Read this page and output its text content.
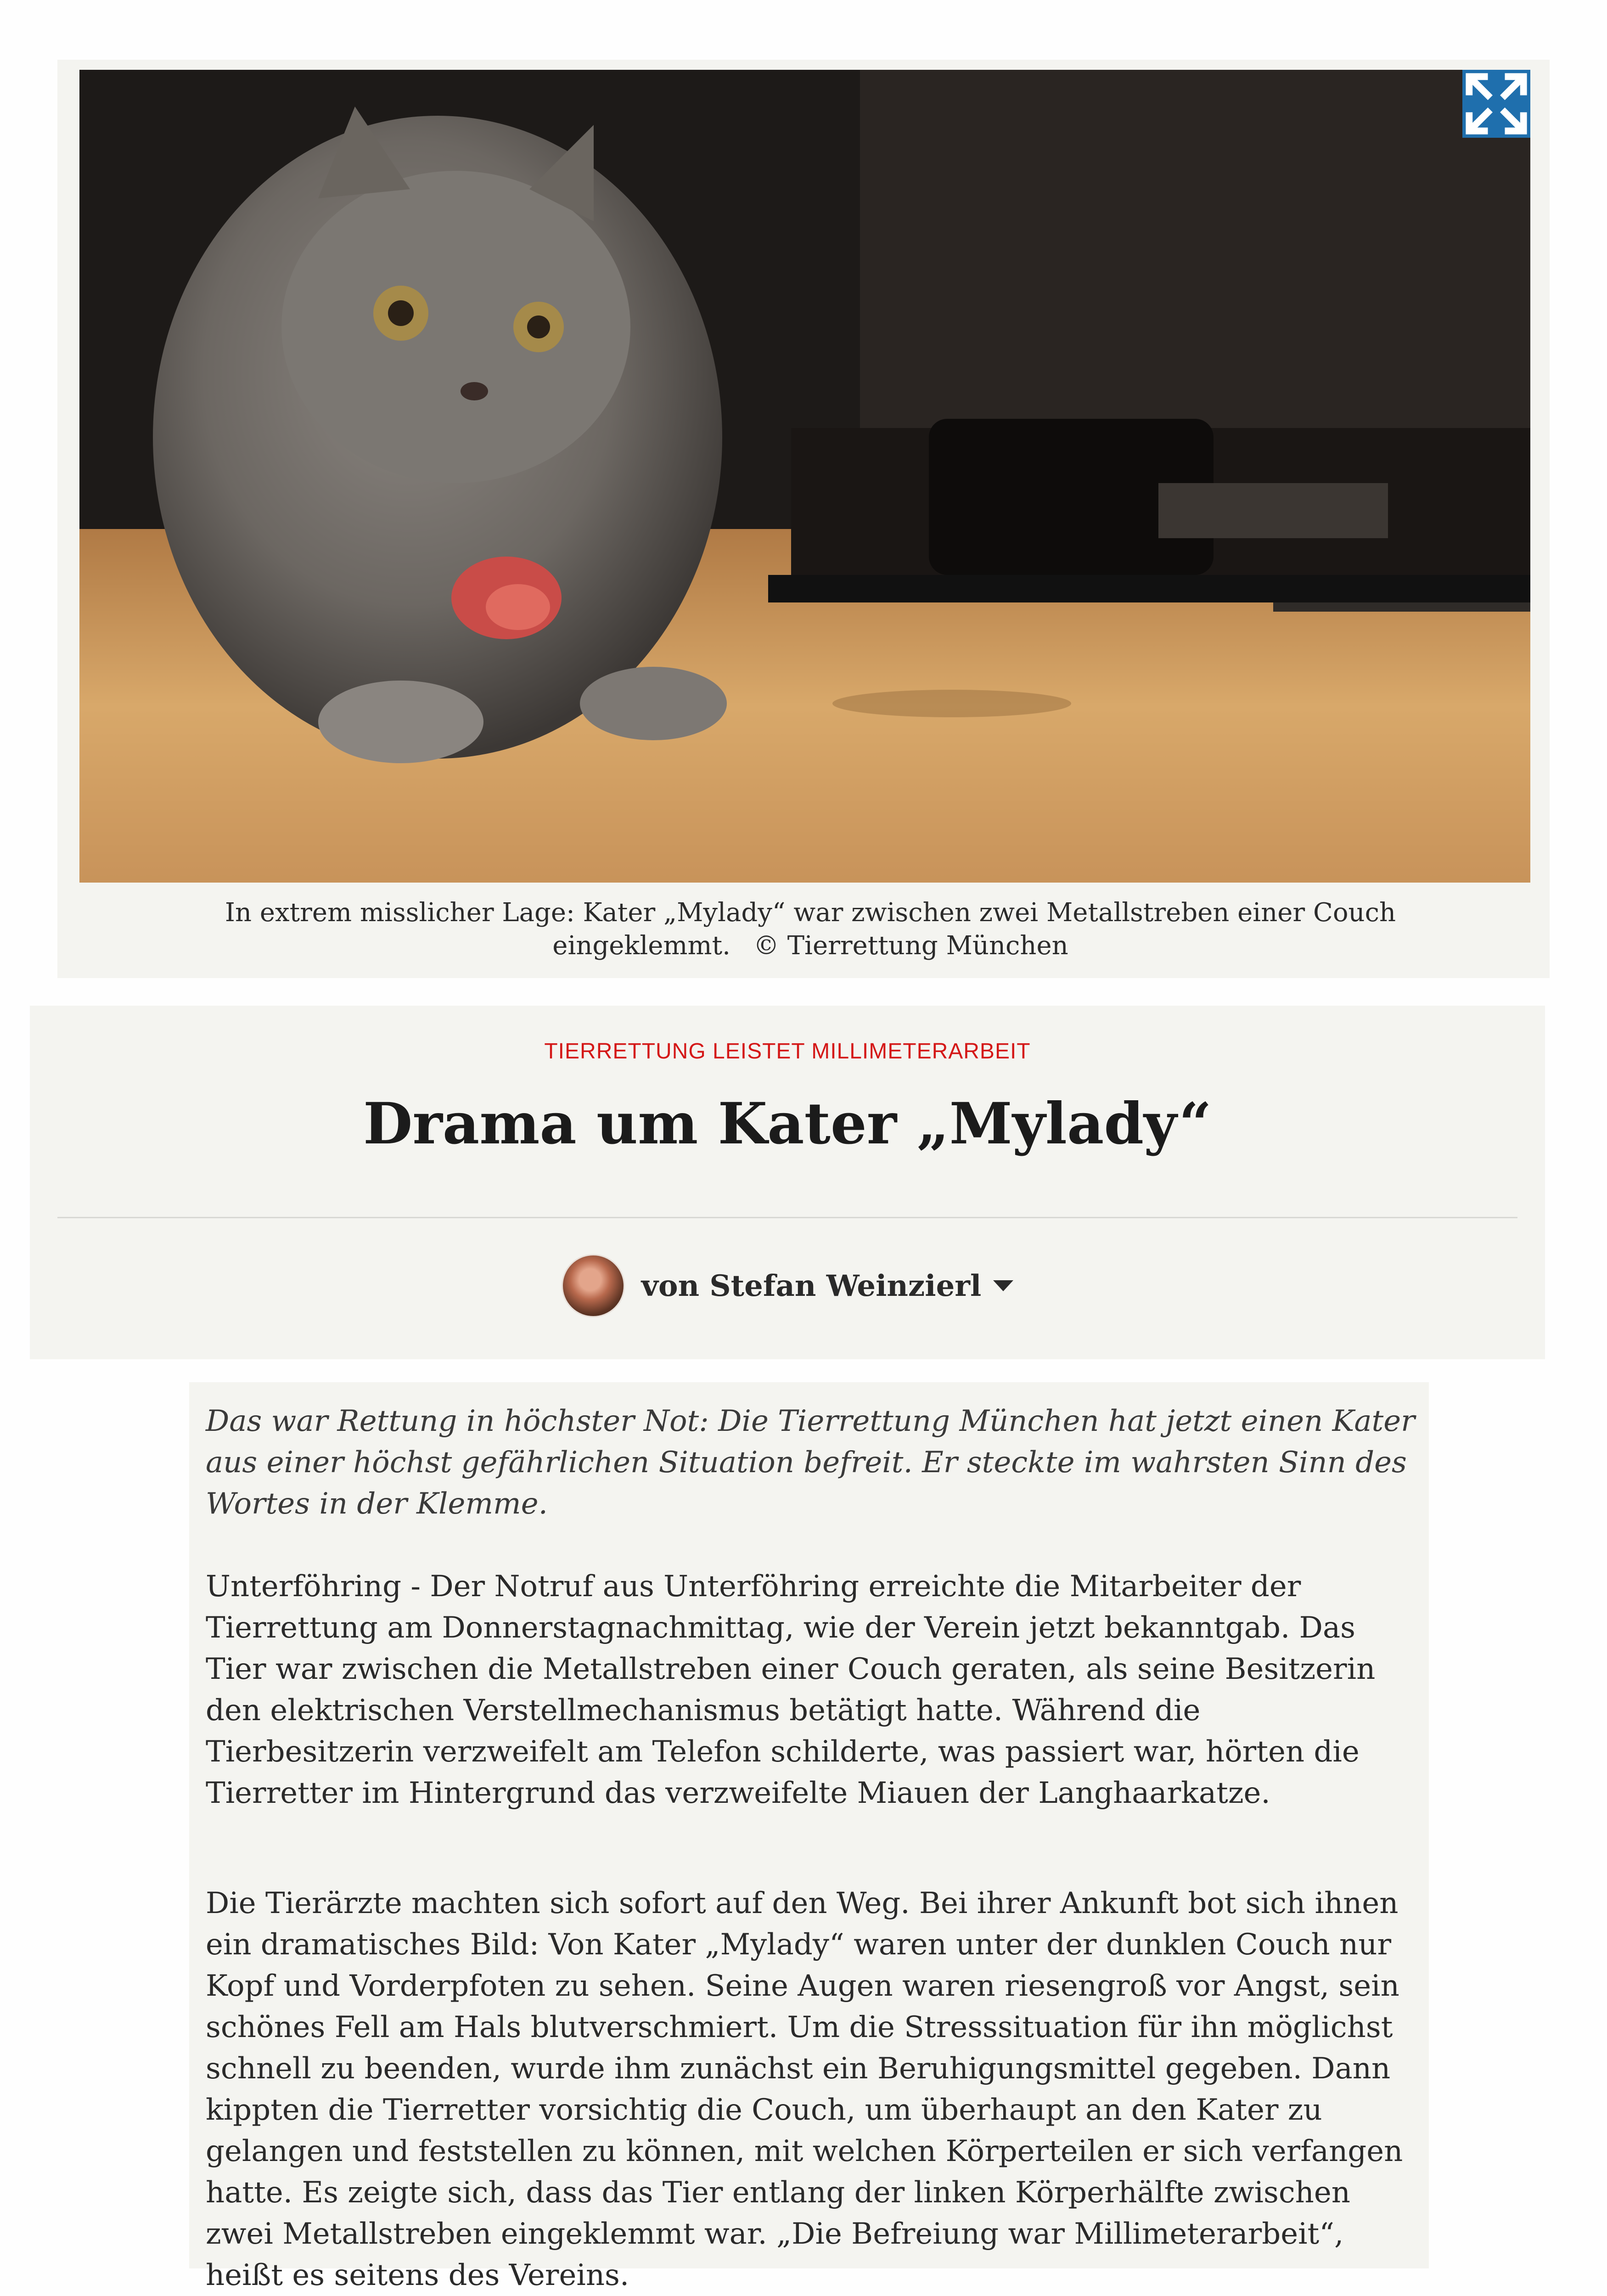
In extrem misslicher Lage: Kater „Mylady“ war zwischen zwei Metallstreben einer Couch eingeklemmt. © Tierrettung München
TIERRETTUNG LEISTET MILLIMETERARBEIT
Drama um Kater „Mylady“
von Stefan Weinzierl

Das war Rettung in höchster Not: Die Tierrettung München hat jetzt einen Kater aus einer höchst gefährlichen Situation befreit. Er steckte im wahrsten Sinn des Wortes in der Klemme.

Unterföhring - Der Notruf aus Unterföhring erreichte die Mitarbeiter der Tierrettung am Donnerstagnachmittag, wie der Verein jetzt bekanntgab. Das Tier war zwischen die Metallstreben einer Couch geraten, als seine Besitzerin den elektrischen Verstellmechanismus betätigt hatte. Während die Tierbesitzerin verzweifelt am Telefon schilderte, was passiert war, hörten die Tierretter im Hintergrund das verzweifelte Miauen der Langhaarkatze.

Die Tierärzte machten sich sofort auf den Weg. Bei ihrer Ankunft bot sich ihnen ein dramatisches Bild: Von Kater „Mylady“ waren unter der dunklen Couch nur Kopf und Vorderpfoten zu sehen. Seine Augen waren riesengroß vor Angst, sein schönes Fell am Hals blutverschmiert. Um die Stresssituation für ihn möglichst schnell zu beenden, wurde ihm zunächst ein Beruhigungsmittel gegeben. Dann kippten die Tierretter vorsichtig die Couch, um überhaupt an den Kater zu gelangen und feststellen zu können, mit welchen Körperteilen er sich verfangen hatte. Es zeigte sich, dass das Tier entlang der linken Körperhälfte zwischen zwei Metallstreben eingeklemmt war. „Die Befreiung war Millimeterarbeit“, heißt es seitens des Vereins.
